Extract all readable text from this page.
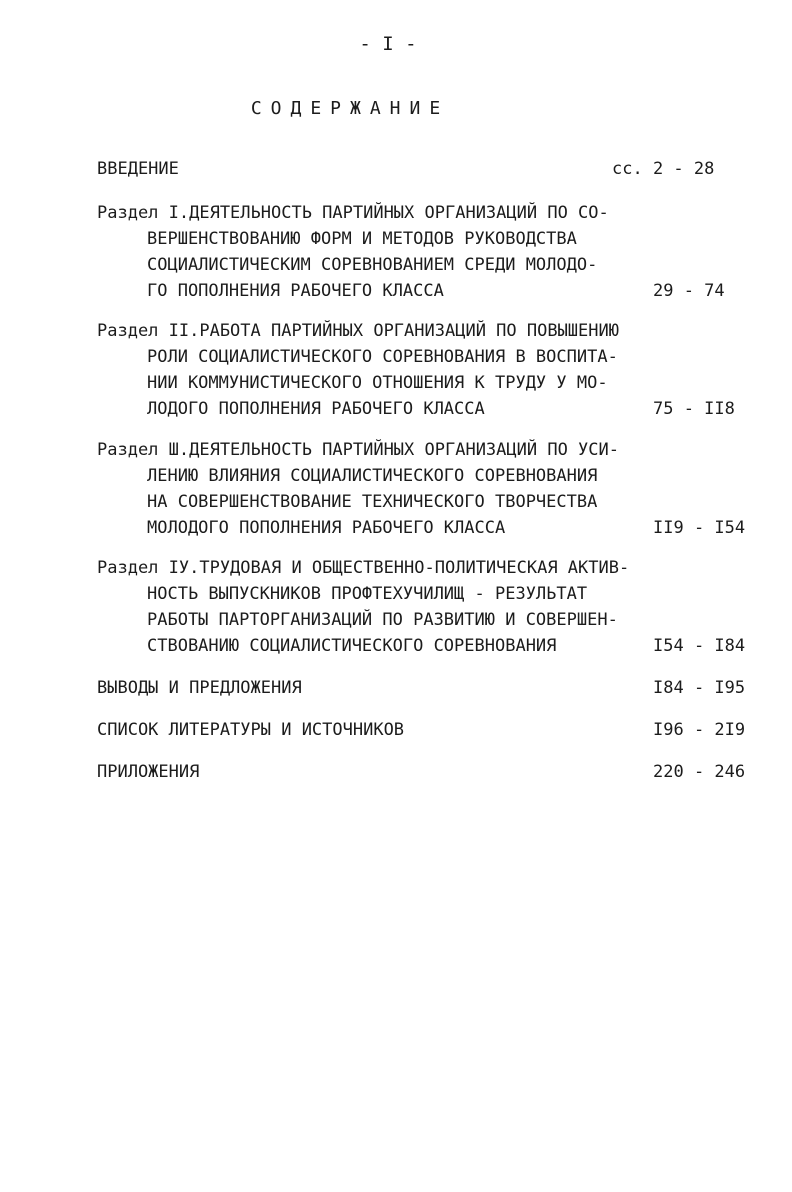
- I -
СОДЕРЖАНИЕ
ВВЕДЕНИЕ	сс. 2 - 28
Раздел I.ДЕЯТЕЛЬНОСТЬ ПАРТИЙНЫХ ОРГАНИЗАЦИЙ ПО СО-
ВЕРШЕНСТВОВАНИЮ ФОРМ И МЕТОДОВ РУКОВОДСТВА
СОЦИАЛИСТИЧЕСКИМ СОРЕВНОВАНИЕМ СРЕДИ МОЛОДО-
ГО ПОПОЛНЕНИЯ РАБОЧЕГО КЛАССА	29 - 74
Раздел II.РАБОТА ПАРТИЙНЫХ ОРГАНИЗАЦИЙ ПО ПОВЫШЕНИЮ
РОЛИ СОЦИАЛИСТИЧЕСКОГО СОРЕВНОВАНИЯ В ВОСПИТА-
НИИ КОММУНИСТИЧЕСКОГО ОТНОШЕНИЯ К ТРУДУ У МО-
ЛОДОГО ПОПОЛНЕНИЯ РАБОЧЕГО КЛАССА	75 - II8
Раздел Ш.ДЕЯТЕЛЬНОСТЬ ПАРТИЙНЫХ ОРГАНИЗАЦИЙ ПО УСИ-
ЛЕНИЮ ВЛИЯНИЯ СОЦИАЛИСТИЧЕСКОГО СОРЕВНОВАНИЯ
НА СОВЕРШЕНСТВОВАНИЕ ТЕХНИЧЕСКОГО ТВОРЧЕСТВА
МОЛОДОГО ПОПОЛНЕНИЯ РАБОЧЕГО КЛАССА	II9 - I54
Раздел IУ.ТРУДОВАЯ И ОБЩЕСТВЕННО-ПОЛИТИЧЕСКАЯ АКТИВ-
НОСТЬ ВЫПУСКНИКОВ ПРОФТЕХУЧИЛИЩ - РЕЗУЛЬТАТ
РАБОТЫ ПАРТОРГАНИЗАЦИЙ ПО РАЗВИТИЮ И СОВЕРШЕН-
СТВОВАНИЮ СОЦИАЛИСТИЧЕСКОГО СОРЕВНОВАНИЯ	I54 - I84
ВЫВОДЫ И ПРЕДЛОЖЕНИЯ	I84 - I95
СПИСОК ЛИТЕРАТУРЫ И ИСТОЧНИКОВ	I96 - 2I9
ПРИЛОЖЕНИЯ	220 - 246
